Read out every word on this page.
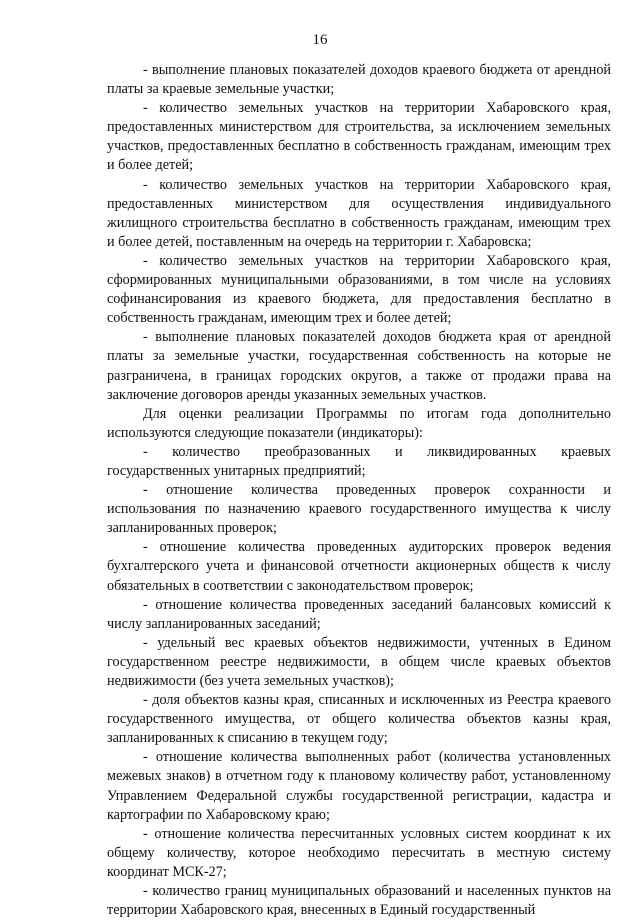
16

- выполнение плановых показателей доходов краевого бюджета от арендной платы за краевые земельные участки;

- количество земельных участков на территории Хабаровского края, предоставленных министерством для строительства, за исключением земельных участков, предоставленных бесплатно в собственность гражданам, имеющим трех и более детей;

- количество земельных участков на территории Хабаровского края, предоставленных министерством для осуществления индивидуального жилищного строительства бесплатно в собственность гражданам, имеющим трех и более детей, поставленным на очередь на территории г. Хабаровска;

- количество земельных участков на территории Хабаровского края, сформированных муниципальными образованиями, в том числе на условиях софинансирования из краевого бюджета, для предоставления бесплатно в собственность гражданам, имеющим трех и более детей;

- выполнение плановых показателей доходов бюджета края от арендной платы за земельные участки, государственная собственность на которые не разграничена, в границах городских округов, а также от продажи права на заключение договоров аренды указанных земельных участков.

Для оценки реализации Программы по итогам года дополнительно используются следующие показатели (индикаторы):

- количество преобразованных и ликвидированных краевых государственных унитарных предприятий;

- отношение количества проведенных проверок сохранности и использования по назначению краевого государственного имущества к числу запланированных проверок;

- отношение количества проведенных аудиторских проверок ведения бухгалтерского учета и финансовой отчетности акционерных обществ к числу обязательных в соответствии с законодательством проверок;

- отношение количества проведенных заседаний балансовых комиссий к числу запланированных заседаний;

- удельный вес краевых объектов недвижимости, учтенных в Едином государственном реестре недвижимости, в общем числе краевых объектов недвижимости (без учета земельных участков);

- доля объектов казны края, списанных и исключенных из Реестра краевого государственного имущества, от общего количества объектов казны края, запланированных к списанию в текущем году;

- отношение количества выполненных работ (количества установленных межевых знаков) в отчетном году к плановому количеству работ, установленному Управлением Федеральной службы государственной регистрации, кадастра и картографии по Хабаровскому краю;

- отношение количества пересчитанных условных систем координат к их общему количеству, которое необходимо пересчитать в местную систему координат МСК-27;

- количество границ муниципальных образований и населенных пунктов на территории Хабаровского края, внесенных в Единый государственный
